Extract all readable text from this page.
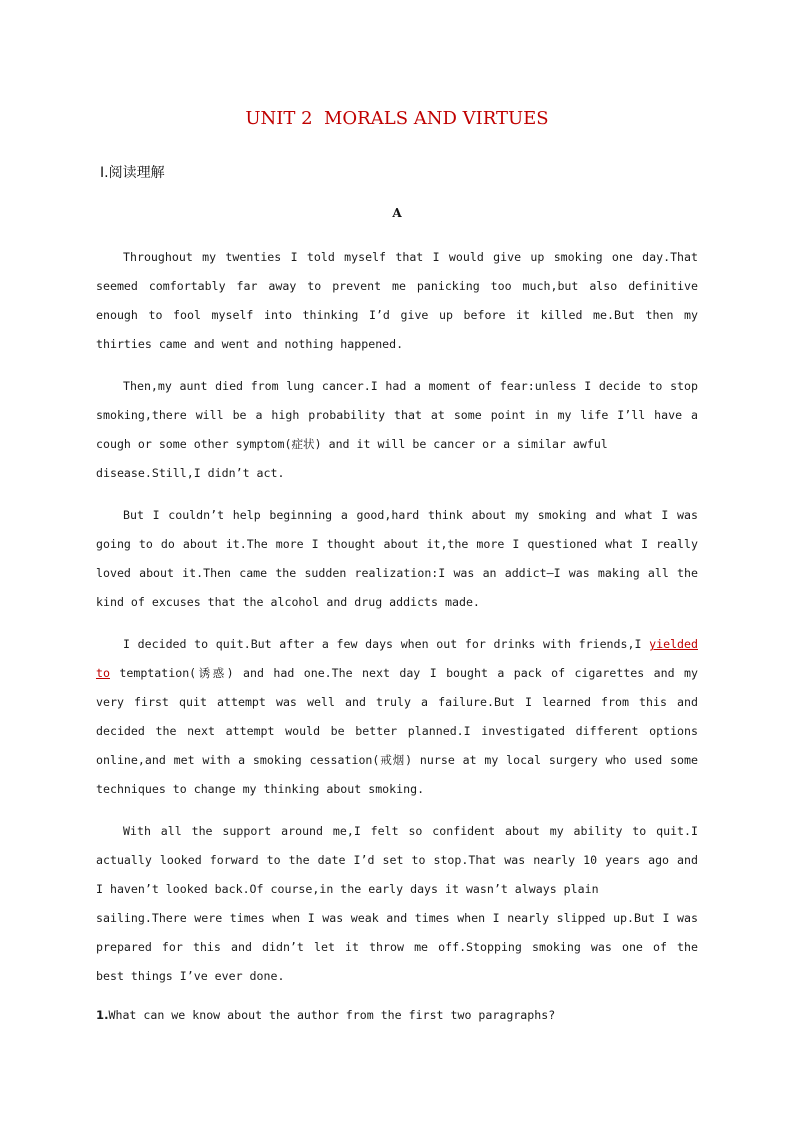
UNIT 2  MORALS AND VIRTUES
Ⅰ.阅读理解
A
Throughout my twenties I told myself that I would give up smoking one day.That
seemed comfortably far away to prevent me panicking too much,but also definitive
enough to fool myself into thinking I’d give up before it killed me.But then my
thirties came and went and nothing happened.
Then,my aunt died from lung cancer.I had a moment of fear:unless I decide to stop
smoking,there will be a high probability that at some point in my life I’ll have a
cough or some other symptom(症状) and it will be cancer or a similar awful
disease.Still,I didn’t act.
But I couldn’t help beginning a good,hard think about my smoking and what I was
going to do about it.The more I thought about it,the more I questioned what I really
loved about it.Then came the sudden realization:I was an addict—I was making all the
kind of excuses that the alcohol and drug addicts made.
I decided to quit.But after a few days when out for drinks with friends,I yielded
to temptation(诱惑) and had one.The next day I bought a pack of cigarettes and my
very first quit attempt was well and truly a failure.But I learned from this and
decided the next attempt would be better planned.I investigated different options
online,and met with a smoking cessation(戒烟) nurse at my local surgery who used some
techniques to change my thinking about smoking.
With all the support around me,I felt so confident about my ability to quit.I
actually looked forward to the date I’d set to stop.That was nearly 10 years ago and
I haven’t looked back.Of course,in the early days it wasn’t always plain
sailing.There were times when I was weak and times when I nearly slipped up.But I was
prepared for this and didn’t let it throw me off.Stopping smoking was one of the
best things I’ve ever done.
1.What can we know about the author from the first two paragraphs?
